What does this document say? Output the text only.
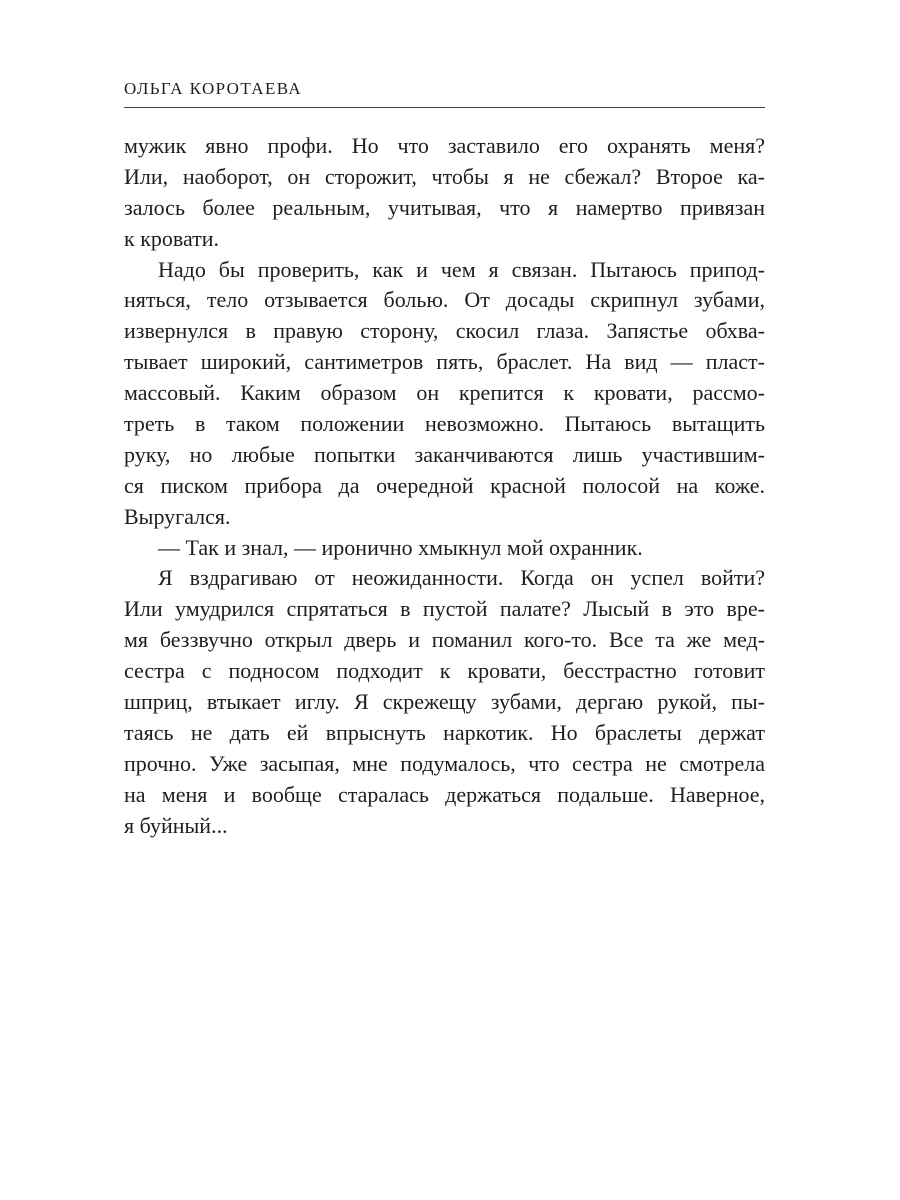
ОЛЬГА КОРОТАЕВА
мужик явно профи. Но что заставило его охранять меня?
Или, наоборот, он сторожит, чтобы я не сбежал? Второе ка-
залось более реальным, учитывая, что я намертво привязан
к кровати.
Надо бы проверить, как и чем я связан. Пытаюсь припод-
няться, тело отзывается болью. От досады скрипнул зубами,
извернулся в правую сторону, скосил глаза. Запястье обхва-
тывает широкий, сантиметров пять, браслет. На вид — пласт-
массовый. Каким образом он крепится к кровати, рассмо-
треть в таком положении невозможно. Пытаюсь вытащить
руку, но любые попытки заканчиваются лишь участившим-
ся писком прибора да очередной красной полосой на коже.
Выругался.
— Так и знал, — иронично хмыкнул мой охранник.
Я вздрагиваю от неожиданности. Когда он успел войти?
Или умудрился спрятаться в пустой палате? Лысый в это вре-
мя беззвучно открыл дверь и поманил кого-то. Все та же мед-
сестра с подносом подходит к кровати, бесстрастно готовит
шприц, втыкает иглу. Я скрежещу зубами, дергаю рукой, пы-
таясь не дать ей впрыснуть наркотик. Но браслеты держат
прочно. Уже засыпая, мне подумалось, что сестра не смотрела
на меня и вообще старалась держаться подальше. Наверное,
я буйный...
